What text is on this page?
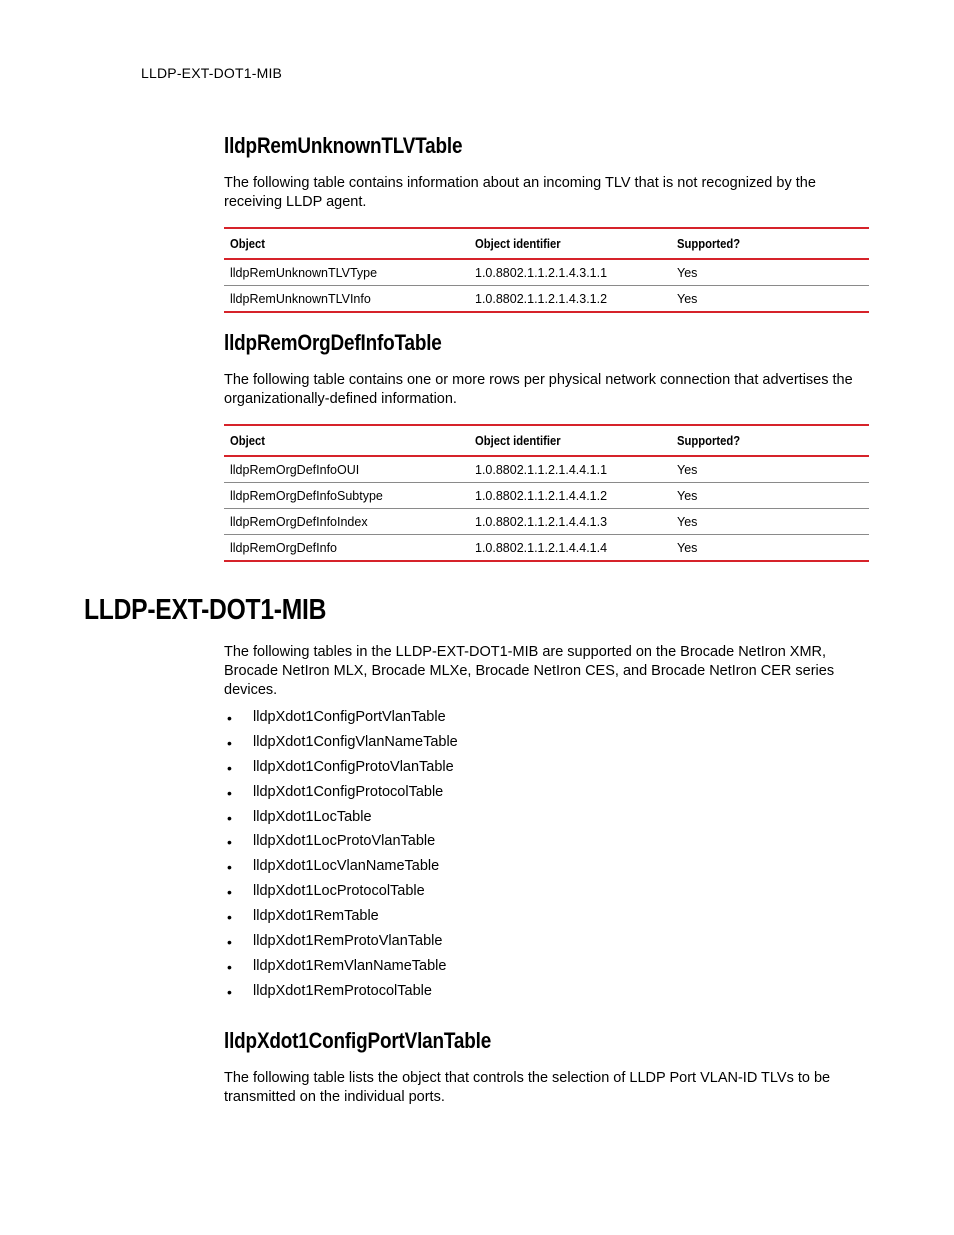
LLDP-EXT-DOT1-MIB
lldpRemUnknownTLVTable

The following table contains information about an incoming TLV that is not recognized by the receiving LLDP agent.

Object	Object identifier	Supported?
lldpRemUnknownTLVType	1.0.8802.1.1.2.1.4.3.1.1	Yes
lldpRemUnknownTLVInfo	1.0.8802.1.1.2.1.4.3.1.2	Yes
lldpRemOrgDefInfoTable

The following table contains one or more rows per physical network connection that advertises the organizationally-defined information.

Object	Object identifier	Supported?
lldpRemOrgDefInfoOUI	1.0.8802.1.1.2.1.4.4.1.1	Yes
lldpRemOrgDefInfoSubtype	1.0.8802.1.1.2.1.4.4.1.2	Yes
lldpRemOrgDefInfoIndex	1.0.8802.1.1.2.1.4.4.1.3	Yes
lldpRemOrgDefInfo	1.0.8802.1.1.2.1.4.4.1.4	Yes
LLDP-EXT-DOT1-MIB

The following tables in the LLDP-EXT-DOT1-MIB are supported on the Brocade NetIron XMR, Brocade NetIron MLX, Brocade MLXe, Brocade NetIron CES, and Brocade NetIron CER series devices.

• lldpXdot1ConfigPortVlanTable
• lldpXdot1ConfigVlanNameTable
• lldpXdot1ConfigProtoVlanTable
• lldpXdot1ConfigProtocolTable
• lldpXdot1LocTable
• lldpXdot1LocProtoVlanTable
• lldpXdot1LocVlanNameTable
• lldpXdot1LocProtocolTable
• lldpXdot1RemTable
• lldpXdot1RemProtoVlanTable
• lldpXdot1RemVlanNameTable
• lldpXdot1RemProtocolTable
lldpXdot1ConfigPortVlanTable

The following table lists the object that controls the selection of LLDP Port VLAN-ID TLVs to be transmitted on the individual ports.
